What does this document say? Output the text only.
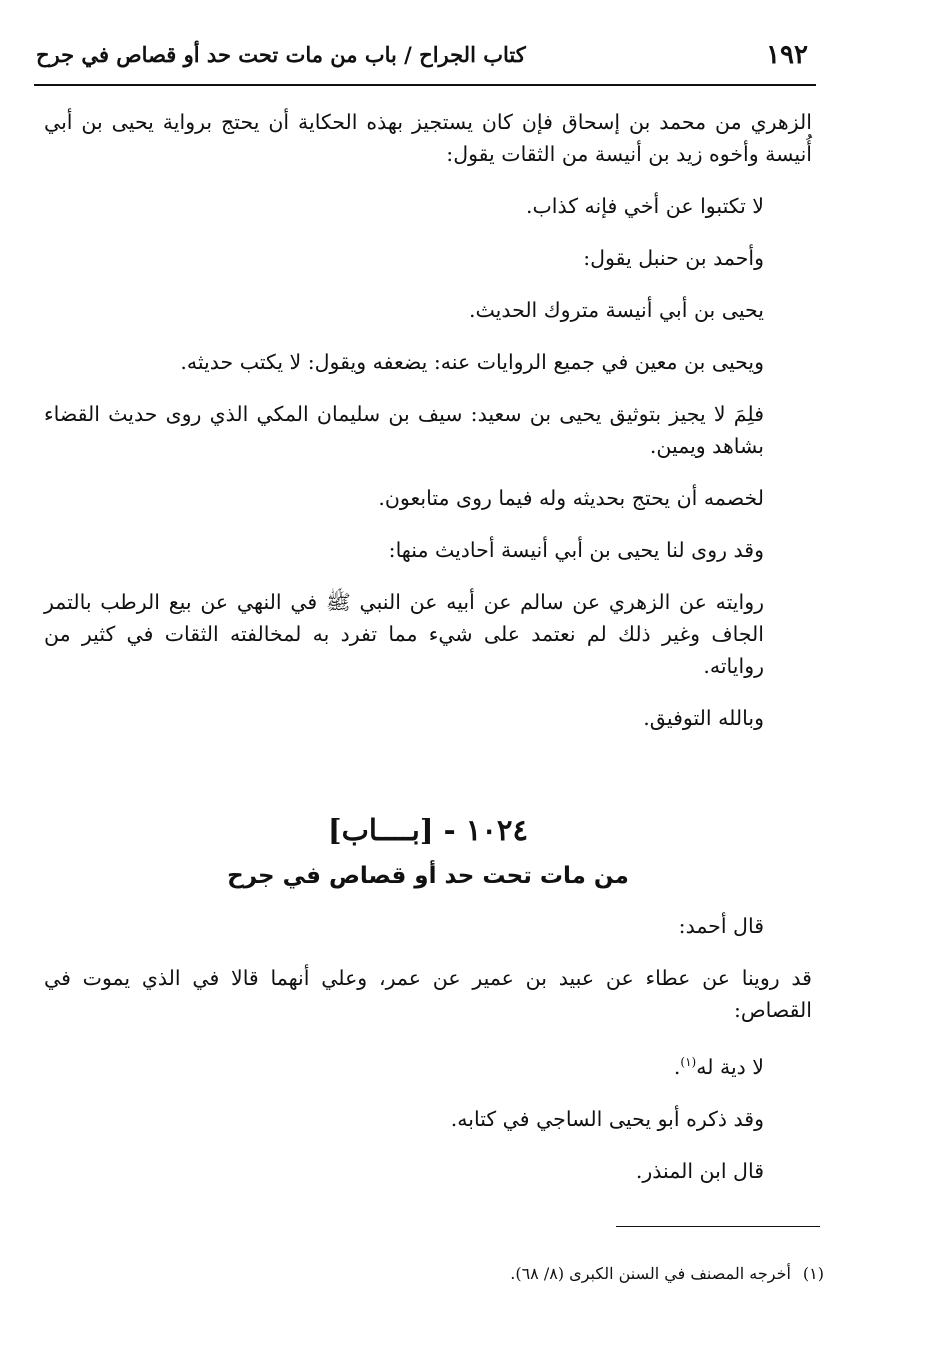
١٩٢
كتاب الجراح / باب من مات تحت حد أو قصاص في جرح

الزهري من محمد بن إسحاق فإن كان يستجيز بهذه الحكاية أن يحتج برواية يحيى بن أبي أُنيسة وأخوه زيد بن أنيسة من الثقات يقول:

لا تكتبوا عن أخي فإنه كذاب.

وأحمد بن حنبل يقول:

يحيى بن أبي أنيسة متروك الحديث.

ويحيى بن معين في جميع الروايات عنه: يضعفه ويقول: لا يكتب حديثه.

فلِمَ لا يجيز بتوثيق يحيى بن سعيد: سيف بن سليمان المكي الذي روى حديث القضاء بشاهد ويمين.

لخصمه أن يحتج بحديثه وله فيما روى متابعون.

وقد روى لنا يحيى بن أبي أنيسة أحاديث منها:

روايته عن الزهري عن سالم عن أبيه عن النبي ﷺ في النهي عن بيع الرطب بالتمر الجاف وغير ذلك لم نعتمد على شيء مما تفرد به لمخالفته الثقات في كثير من رواياته.

وبالله التوفيق.

١٠٢٤ - [بــــاب]

من مات تحت حد أو قصاص في جرح

قال أحمد:

قد روينا عن عطاء عن عبيد بن عمير عن عمر، وعلي أنهما قالا في الذي يموت في القصاص:

لا دية له$^{(١)}$.

وقد ذكره أبو يحيى الساجي في كتابه.

قال ابن المنذر.

(١)أخرجه المصنف في السنن الكبرى (٨/ ٦٨).
